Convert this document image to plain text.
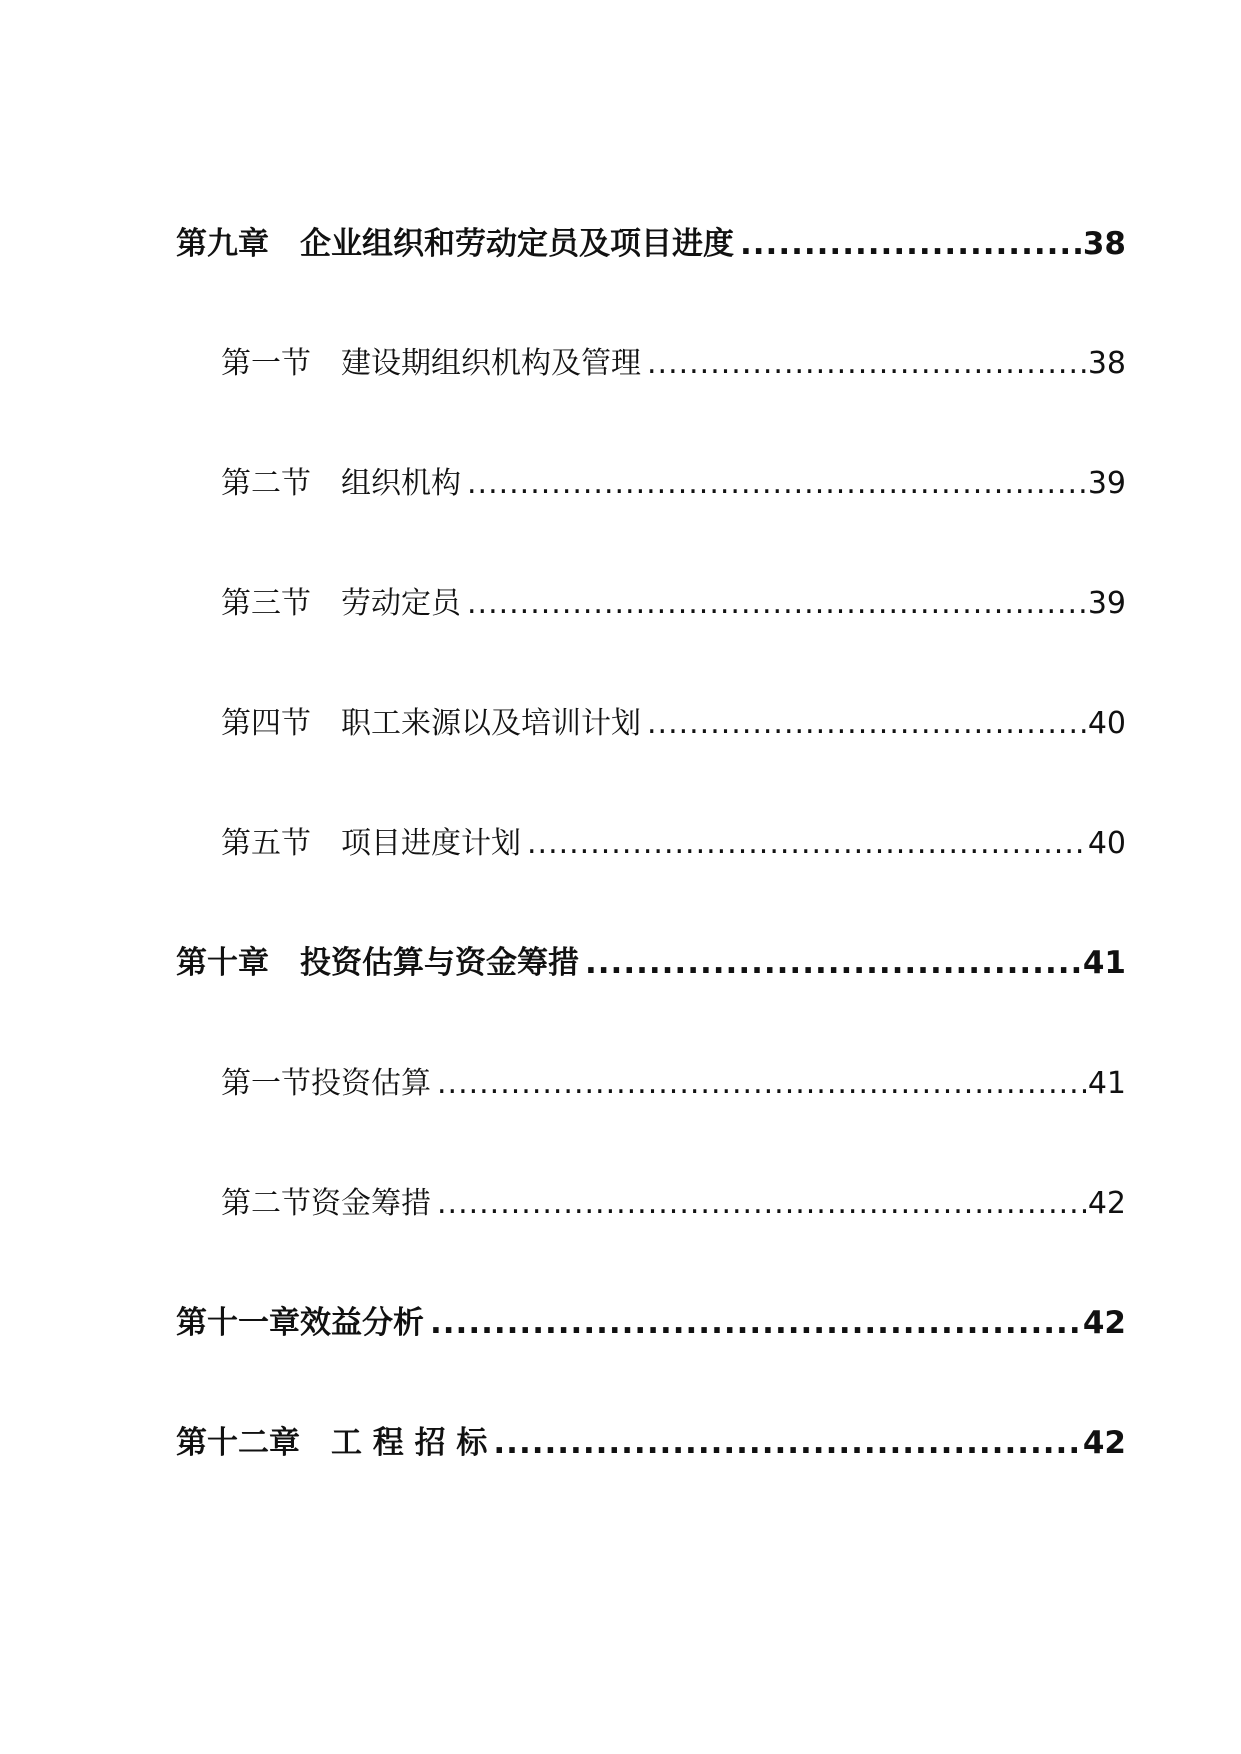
第九章　企业组织和劳动定员及项目进度 .....	38
第一节　建设期组织机构及管理 .....	38
第二节　组织机构 .....	39
第三节　劳动定员 .....	39
第四节　职工来源以及培训计划 .....	40
第五节　项目进度计划 .....	40
第十章　投资估算与资金筹措 .....	41
第一节投资估算 .....	41
第二节资金筹措 .....	42
第十一章效益分析 .....	42
第十二章　工 程 招 标 .....	42
